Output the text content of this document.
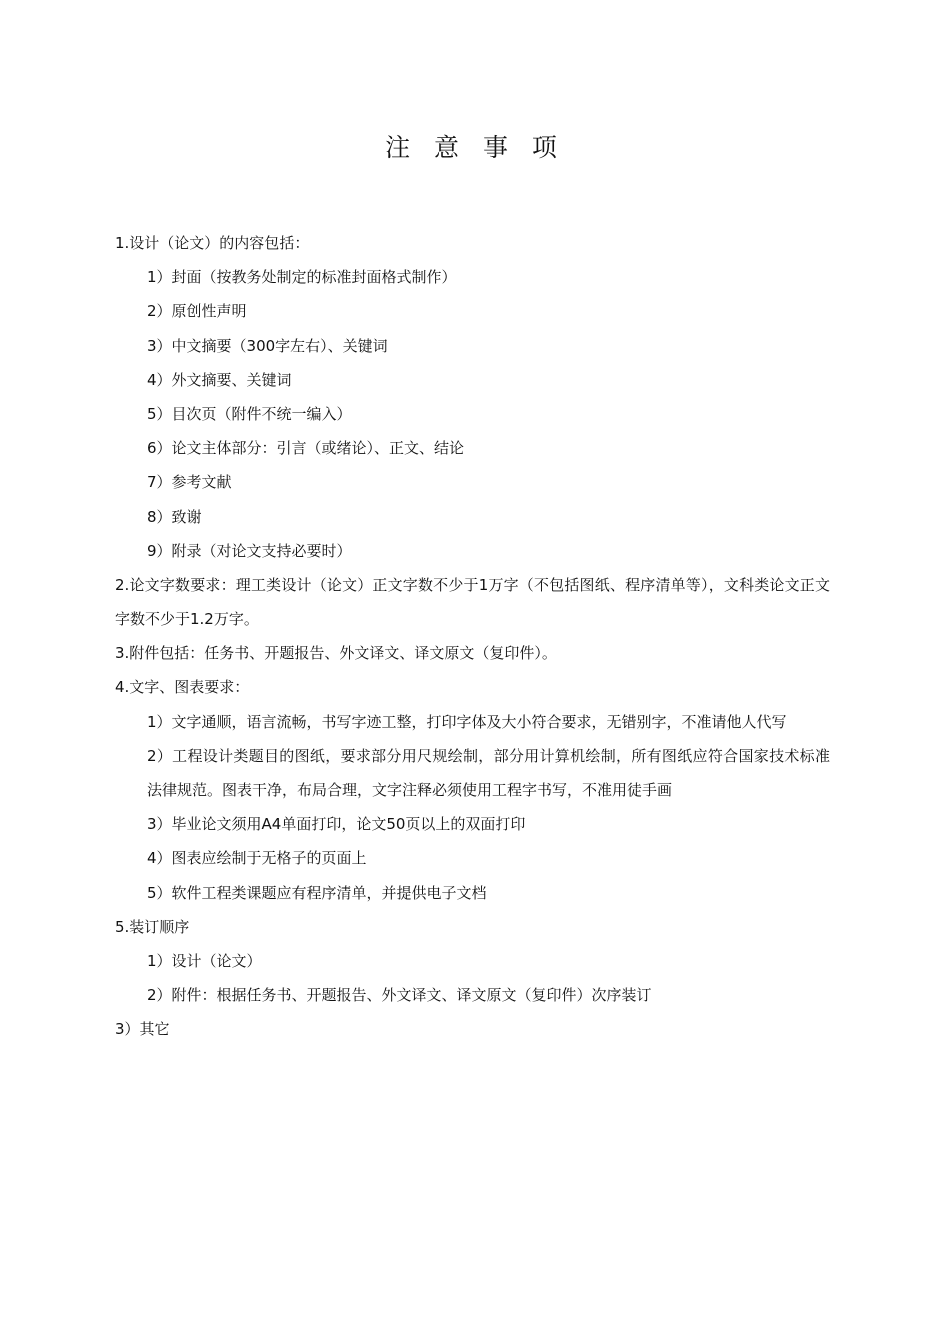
注 意 事 项
1.设计（论文）的内容包括：
1）封面（按教务处制定的标准封面格式制作）
2）原创性声明
3）中文摘要（300字左右）、关键词
4）外文摘要、关键词
5）目次页（附件不统一编入）
6）论文主体部分：引言（或绪论）、正文、结论
7）参考文献
8）致谢
9）附录（对论文支持必要时）
2.论文字数要求：理工类设计（论文）正文字数不少于1万字（不包括图纸、程序清单等），文科类论文正文字数不少于1.2万字。
3.附件包括：任务书、开题报告、外文译文、译文原文（复印件）。
4.文字、图表要求：
1）文字通顺，语言流畅，书写字迹工整，打印字体及大小符合要求，无错别字，不准请他人代写
2）工程设计类题目的图纸，要求部分用尺规绘制，部分用计算机绘制，所有图纸应符合国家技术标准法律规范。图表干净，布局合理，文字注释必须使用工程字书写，不准用徒手画
3）毕业论文须用A4单面打印，论文50页以上的双面打印
4）图表应绘制于无格子的页面上
5）软件工程类课题应有程序清单，并提供电子文档
5.装订顺序
1）设计（论文）
2）附件：根据任务书、开题报告、外文译文、译文原文（复印件）次序装订
3）其它
